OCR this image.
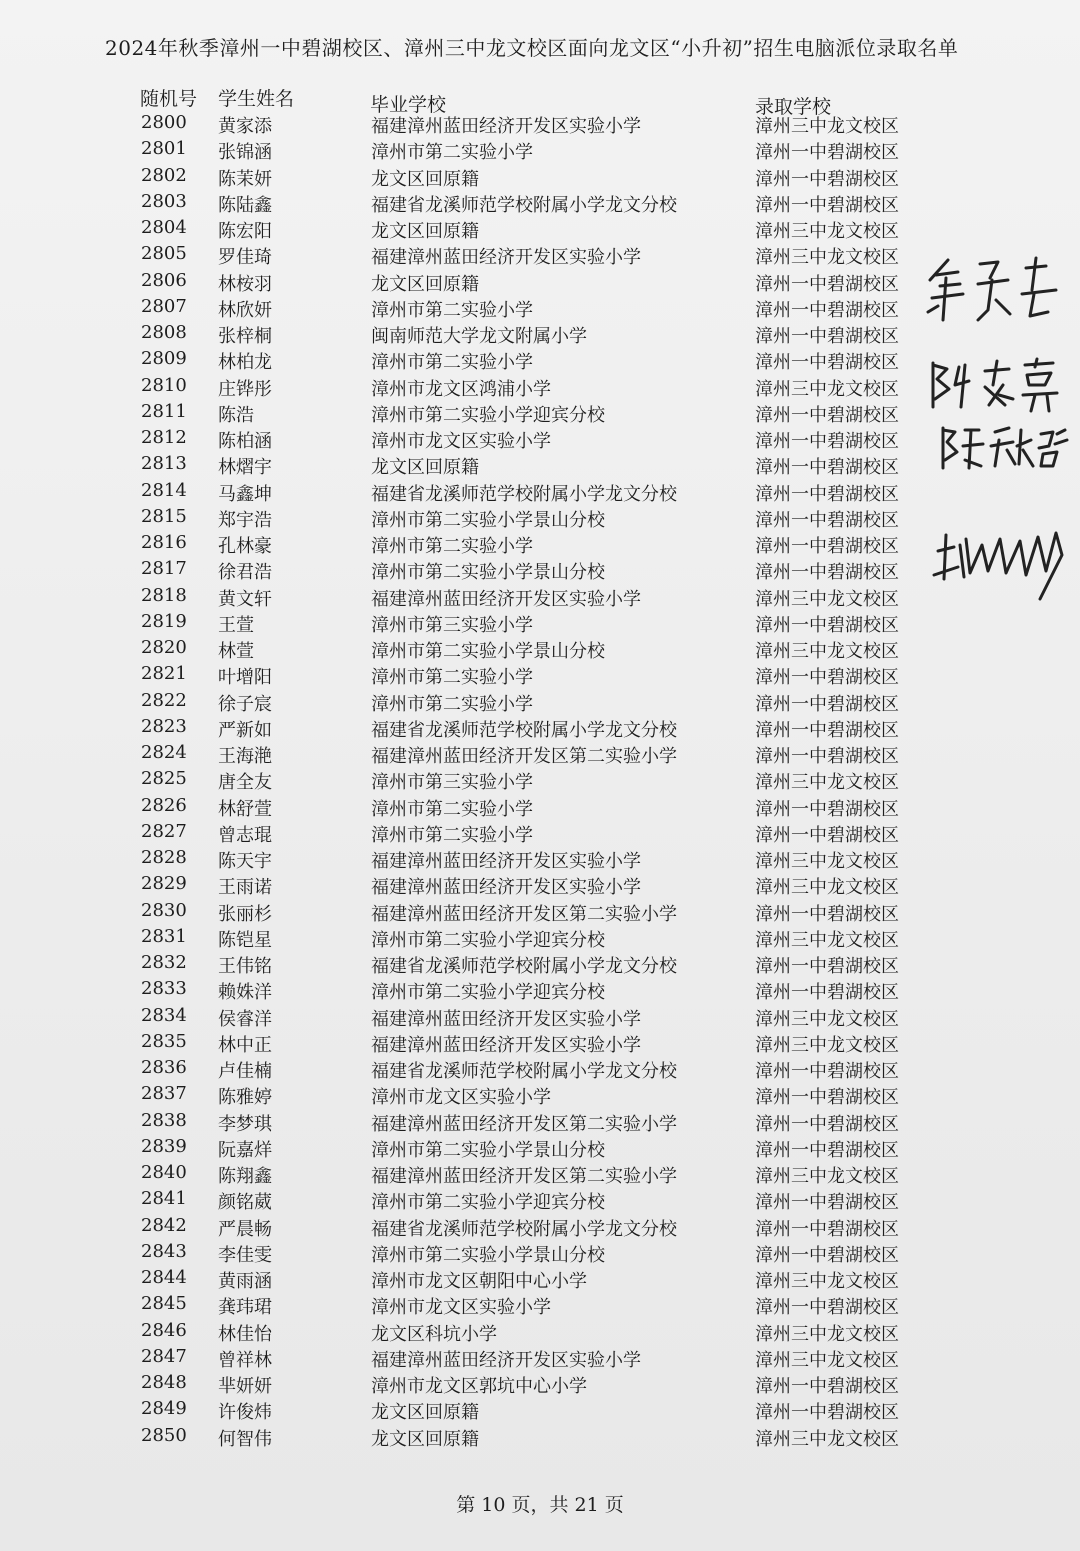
2024年秋季漳州一中碧湖校区、漳州三中龙文校区面向龙文区“小升初”招生电脑派位录取名单
随机号 学生姓名	毕业学校	录取学校
2800	黄家添	福建漳州蓝田经济开发区实验小学	漳州三中龙文校区
2801	张锦涵	漳州市第二实验小学	漳州一中碧湖校区
2802	陈茉妍	龙文区回原籍	漳州一中碧湖校区
2803	陈陆鑫	福建省龙溪师范学校附属小学龙文分校	漳州一中碧湖校区
2804	陈宏阳	龙文区回原籍	漳州三中龙文校区
2805	罗佳琦	福建漳州蓝田经济开发区实验小学	漳州三中龙文校区
2806	林桉羽	龙文区回原籍	漳州一中碧湖校区
2807	林欣妍	漳州市第二实验小学	漳州一中碧湖校区
2808	张梓桐	闽南师范大学龙文附属小学	漳州一中碧湖校区
2809	林柏龙	漳州市第二实验小学	漳州一中碧湖校区
2810	庄铧彤	漳州市龙文区鸿浦小学	漳州三中龙文校区
2811	陈浩	漳州市第二实验小学迎宾分校	漳州一中碧湖校区
2812	陈柏涵	漳州市龙文区实验小学	漳州一中碧湖校区
2813	林熠宇	龙文区回原籍	漳州一中碧湖校区
2814	马鑫坤	福建省龙溪师范学校附属小学龙文分校	漳州一中碧湖校区
2815	郑宇浩	漳州市第二实验小学景山分校	漳州一中碧湖校区
2816	孔林豪	漳州市第二实验小学	漳州一中碧湖校区
2817	徐君浩	漳州市第二实验小学景山分校	漳州一中碧湖校区
2818	黄文轩	福建漳州蓝田经济开发区实验小学	漳州三中龙文校区
2819	王萱	漳州市第三实验小学	漳州一中碧湖校区
2820	林萱	漳州市第二实验小学景山分校	漳州三中龙文校区
2821	叶增阳	漳州市第二实验小学	漳州一中碧湖校区
2822	徐子宸	漳州市第二实验小学	漳州一中碧湖校区
2823	严新如	福建省龙溪师范学校附属小学龙文分校	漳州一中碧湖校区
2824	王海滟	福建漳州蓝田经济开发区第二实验小学	漳州一中碧湖校区
2825	唐全友	漳州市第三实验小学	漳州三中龙文校区
2826	林舒萱	漳州市第二实验小学	漳州一中碧湖校区
2827	曾志琨	漳州市第二实验小学	漳州一中碧湖校区
2828	陈天宇	福建漳州蓝田经济开发区实验小学	漳州三中龙文校区
2829	王雨诺	福建漳州蓝田经济开发区实验小学	漳州三中龙文校区
2830	张丽杉	福建漳州蓝田经济开发区第二实验小学	漳州一中碧湖校区
2831	陈铠星	漳州市第二实验小学迎宾分校	漳州三中龙文校区
2832	王伟铭	福建省龙溪师范学校附属小学龙文分校	漳州一中碧湖校区
2833	赖姝洋	漳州市第二实验小学迎宾分校	漳州一中碧湖校区
2834	侯睿洋	福建漳州蓝田经济开发区实验小学	漳州三中龙文校区
2835	林中正	福建漳州蓝田经济开发区实验小学	漳州三中龙文校区
2836	卢佳楠	福建省龙溪师范学校附属小学龙文分校	漳州一中碧湖校区
2837	陈雅婷	漳州市龙文区实验小学	漳州一中碧湖校区
2838	李梦琪	福建漳州蓝田经济开发区第二实验小学	漳州一中碧湖校区
2839	阮嘉烊	漳州市第二实验小学景山分校	漳州一中碧湖校区
2840	陈翔鑫	福建漳州蓝田经济开发区第二实验小学	漳州三中龙文校区
2841	颜铭葳	漳州市第二实验小学迎宾分校	漳州一中碧湖校区
2842	严晨畅	福建省龙溪师范学校附属小学龙文分校	漳州一中碧湖校区
2843	李佳雯	漳州市第二实验小学景山分校	漳州一中碧湖校区
2844	黄雨涵	漳州市龙文区朝阳中心小学	漳州三中龙文校区
2845	龚玮珺	漳州市龙文区实验小学	漳州一中碧湖校区
2846	林佳怡	龙文区科坑小学	漳州三中龙文校区
2847	曾祥林	福建漳州蓝田经济开发区实验小学	漳州三中龙文校区
2848	芈妍妍	漳州市龙文区郭坑中心小学	漳州一中碧湖校区
2849	许俊炜	龙文区回原籍	漳州一中碧湖校区
2850	何智伟	龙文区回原籍	漳州三中龙文校区
第 10 页，共 21 页
